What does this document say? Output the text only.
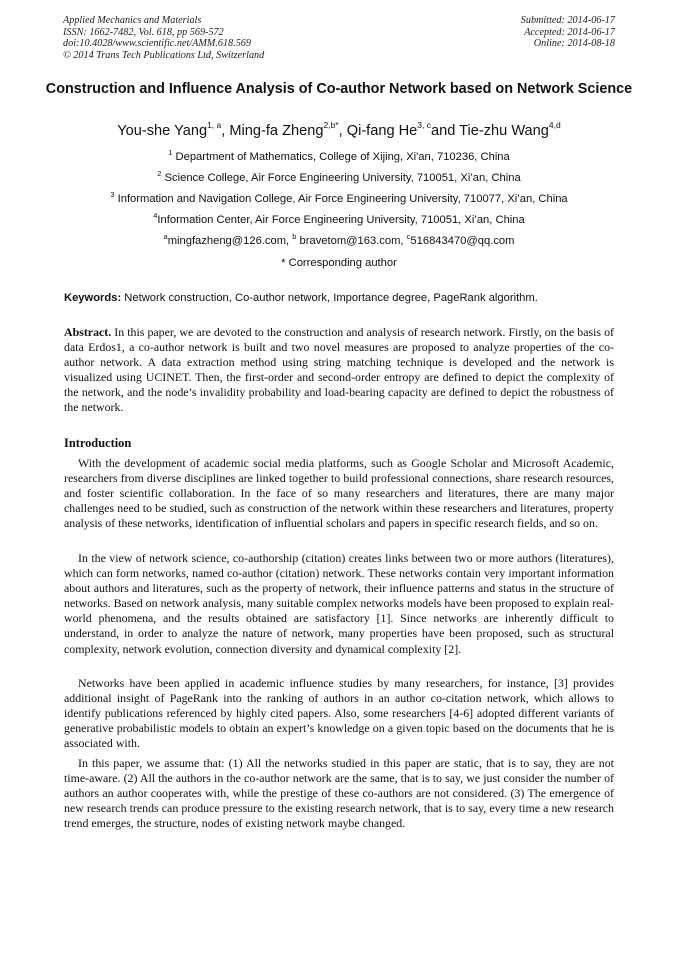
Applied Mechanics and Materials
ISSN: 1662-7482, Vol. 618, pp 569-572
doi:10.4028/www.scientific.net/AMM.618.569
© 2014 Trans Tech Publications Ltd, Switzerland
Submitted: 2014-06-17
Accepted: 2014-06-17
Online: 2014-08-18
Construction and Influence Analysis of Co-author Network based on Network Science
You-she Yang$^{1, a}$, Ming-fa Zheng$^{2,b*}$, Qi-fang He$^{3, c}$and Tie-zhu Wang$^{4,d}$
$^1$ Department of Mathematics, College of Xijing, Xi'an, 710236, China
$^2$ Science College, Air Force Engineering University, 710051, Xi’an, China
$^3$ Information and Navigation College, Air Force Engineering University, 710077, Xi’an, China
$^4$Information Center, Air Force Engineering University, 710051, Xi’an, China
$^a$mingfazheng@126.com, $^b$ bravetom@163.com, $^c$516843470@qq.com
* Corresponding author
Keywords: Network construction, Co-author network, Importance degree, PageRank algorithm.

Abstract. In this paper, we are devoted to the construction and analysis of research network. Firstly, on the basis of data Erdos1, a co-author network is built and two novel measures are proposed to analyze properties of the co-author network. A data extraction method using string matching technique is developed and the network is visualized using UCINET. Then, the first-order and second-order entropy are defined to depict the complexity of the network, and the node’s invalidity probability and load-bearing capacity are defined to depict the robustness of the network.

Introduction

With the development of academic social media platforms, such as Google Scholar and Microsoft Academic, researchers from diverse disciplines are linked together to build professional connections, share research resources, and foster scientific collaboration. In the face of so many researchers and literatures, there are many major challenges need to be studied, such as construction of the network within these researchers and literatures, property analysis of these networks, identification of influential scholars and papers in specific research fields, and so on.

In the view of network science, co-authorship (citation) creates links between two or more authors (literatures), which can form networks, named co-author (citation) network. These networks contain very important information about authors and literatures, such as the property of network, their influence patterns and status in the structure of networks. Based on network analysis, many suitable complex networks models have been proposed to explain real-world phenomena, and the results obtained are satisfactory [1]. Since networks are inherently difficult to understand, in order to analyze the nature of network, many properties have been proposed, such as structural complexity, network evolution, connection diversity and dynamical complexity [2].

Networks have been applied in academic influence studies by many researchers, for instance, [3] provides additional insight of PageRank into the ranking of authors in an author co-citation network, which allows to identify publications referenced by highly cited papers. Also, some researchers [4-6] adopted different variants of generative probabilistic models to obtain an expert’s knowledge on a given topic based on the documents that he is associated with.

In this paper, we assume that: (1) All the networks studied in this paper are static, that is to say, they are not time-aware. (2) All the authors in the co-author network are the same, that is to say, we just consider the number of authors an author cooperates with, while the prestige of these co-authors are not considered. (3) The emergence of new research trends can produce pressure to the existing research network, that is to say, every time a new research trend emerges, the structure, nodes of existing network maybe changed.
